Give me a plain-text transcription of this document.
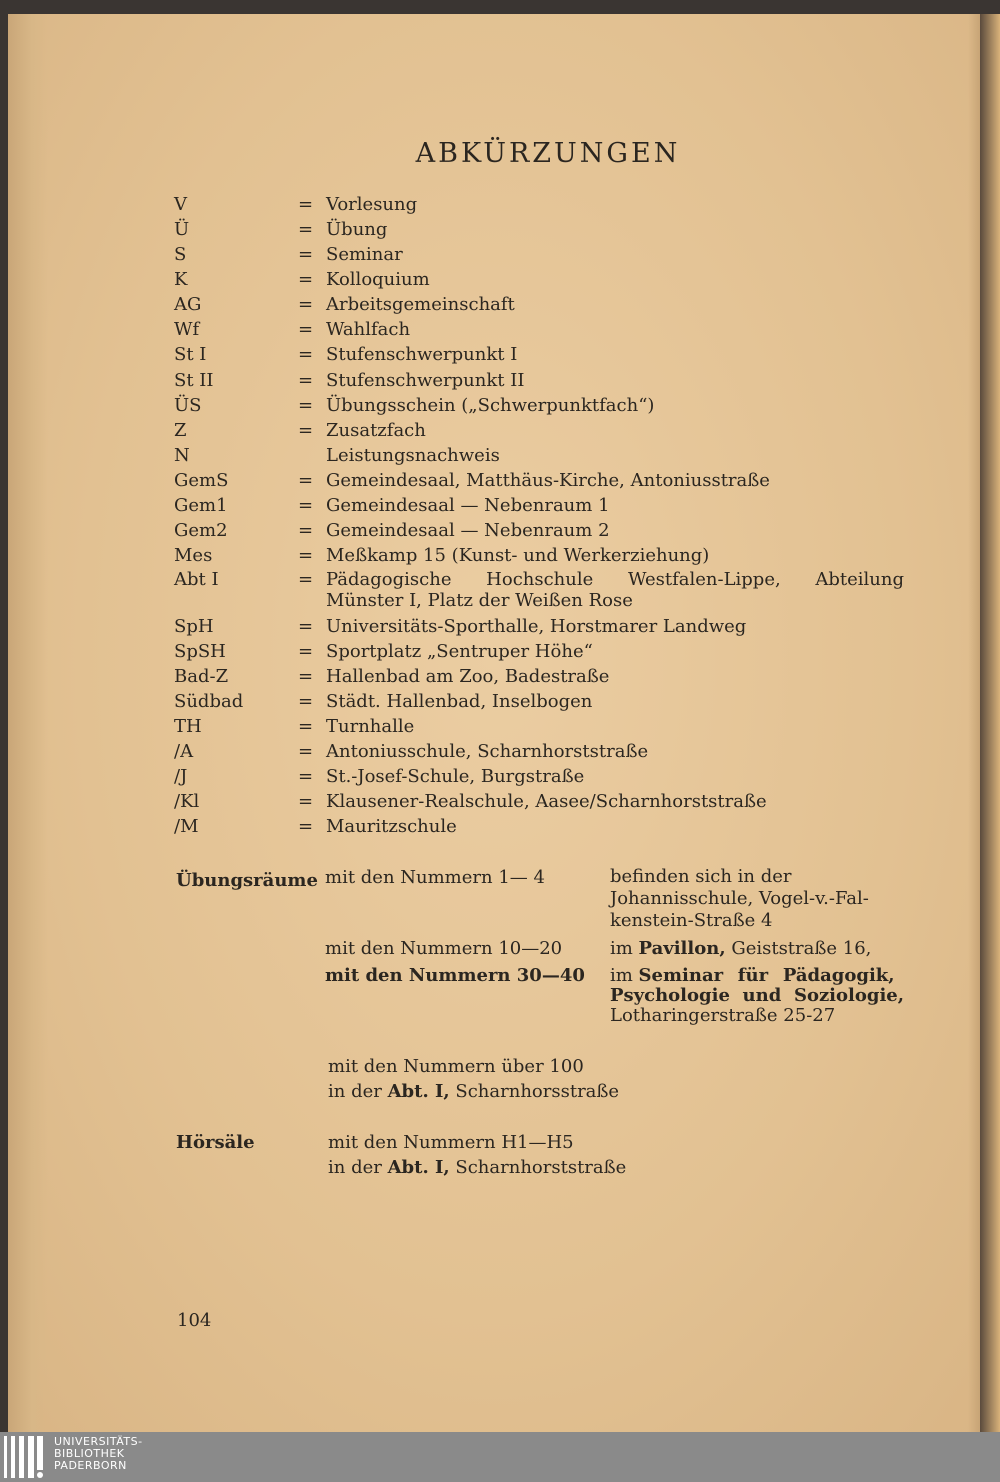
ABKÜRZUNGEN
V	= Vorlesung
Ü	= Übung
S	= Seminar
K	= Kolloquium
AG	= Arbeitsgemeinschaft
Wf	= Wahlfach
St I	= Stufenschwerpunkt I
St II	= Stufenschwerpunkt II
ÜS	= Übungsschein („Schwerpunktfach“)
Z	= Zusatzfach
N	Leistungsnachweis
GemS	= Gemeindesaal, Matthäus-Kirche, Antoniusstraße
Gem1	= Gemeindesaal — Nebenraum 1
Gem2	= Gemeindesaal — Nebenraum 2
Mes	= Meßkamp 15 (Kunst- und Werkerziehung)
Abt I	= Pädagogische Hochschule Westfalen-Lippe, Abteilung
Münster I, Platz der Weißen Rose
SpH	= Universitäts-Sporthalle, Horstmarer Landweg
SpSH	= Sportplatz „Sentruper Höhe“
Bad-Z	= Hallenbad am Zoo, Badestraße
Südbad	= Städt. Hallenbad, Inselbogen
TH	= Turnhalle
/A	= Antoniusschule, Scharnhorststraße
/J	= St.-Josef-Schule, Burgstraße
/Kl	= Klausener-Realschule, Aasee/Scharnhorststraße
/M	= Mauritzschule
Übungsräume mit den Nummern 1— 4	befinden sich in der
Johannisschule, Vogel-v.-Fal-
kenstein-Straße 4
mit den Nummern 10—20	im Pavillon, Geiststraße 16,
mit den Nummern 30—40 im Seminar für Pädagogik,
Psychologie und Soziologie,
Lotharingerstraße 25-27
mit den Nummern über 100
in der Abt. I, Scharnhorsstraße
Hörsäle	mit den Nummern H1—H5
in der Abt. I, Scharnhorststraße
104
UNIVERSITÄTS-
BIBLIOTHEK
PADERBORN
